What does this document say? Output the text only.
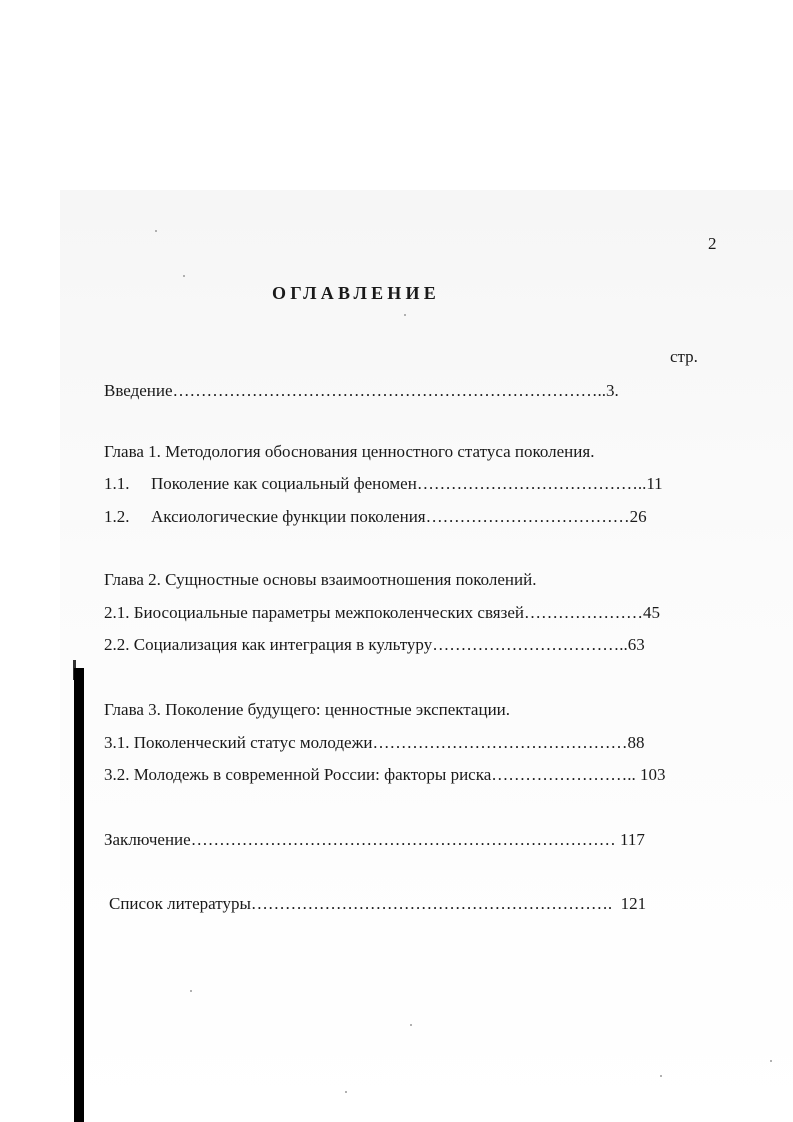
2
ОГЛАВЛЕНИЕ
стр.
Введение…………………………………………………………………..3.
Глава 1. Методология обоснования ценностного статуса поколения.
1.1. Поколение как социальный феномен…………………………………..11
1.2. Аксиологические функции поколения………………………………26
Глава 2. Сущностные основы взаимоотношения поколений.
2.1. Биосоциальные параметры межпоколенческих связей…………………45
2.2. Социализация как интеграция в культуру……………………………..63
Глава 3. Поколение будущего: ценностные экспектации.
3.1. Поколенческий статус молодежи………………………………………88
3.2. Молодежь в современной России: факторы риска…………………….. 103
Заключение………………………………………………………………… 117
Список литературы………………………………………………………. 121
